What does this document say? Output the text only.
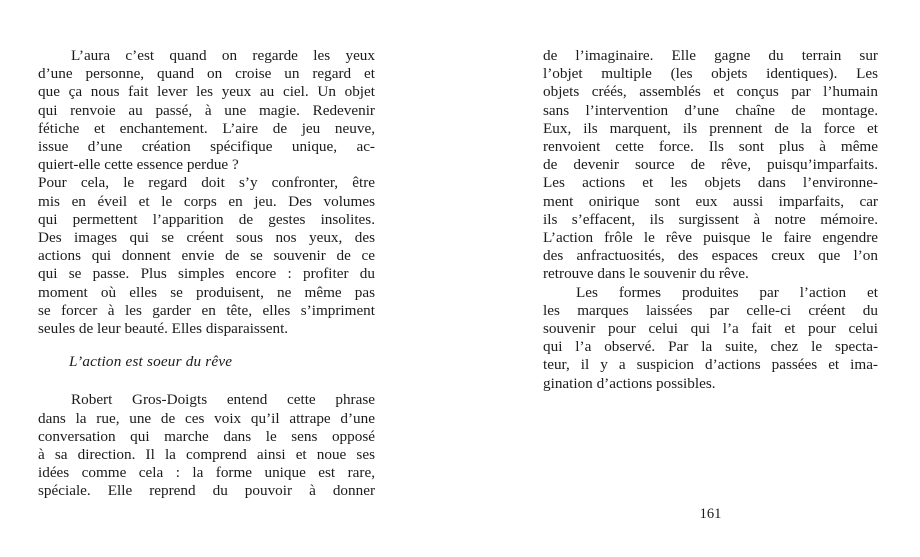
L’aura c’est quand on regarde les yeux
d’une personne, quand on croise un regard et
que ça nous fait lever les yeux au ciel. Un objet
qui renvoie au passé, à une magie. Redevenir
fétiche et enchantement. L’aire de jeu neuve,
issue d’une création spécifique unique, ac-
quiert-elle cette essence perdue ?
Pour cela, le regard doit s’y confronter, être
mis en éveil et le corps en jeu. Des volumes
qui permettent l’apparition de gestes insolites.
Des images qui se créent sous nos yeux, des
actions qui donnent envie de se souvenir de ce
qui se passe. Plus simples encore : profiter du
moment où elles se produisent, ne même pas
se forcer à les garder en tête, elles s’impriment
seules de leur beauté. Elles disparaissent.
L’action est soeur du rêve
Robert Gros-Doigts entend cette phrase
dans la rue, une de ces voix qu’il attrape d’une
conversation qui marche dans le sens opposé
à sa direction. Il la comprend ainsi et noue ses
idées comme cela : la forme unique est rare,
spéciale. Elle reprend du pouvoir à donner
de l’imaginaire. Elle gagne du terrain sur
l’objet multiple (les objets identiques). Les
objets créés, assemblés et conçus par l’humain
sans l’intervention d’une chaîne de montage.
Eux, ils marquent, ils prennent de la force et
renvoient cette force. Ils sont plus à même
de devenir source de rêve, puisqu’imparfaits.
Les actions et les objets dans l’environne-
ment onirique sont eux aussi imparfaits, car
ils s’effacent, ils surgissent à notre mémoire.
L’action frôle le rêve puisque le faire engendre
des anfractuosités, des espaces creux que l’on
retrouve dans le souvenir du rêve.
Les formes produites par l’action et
les marques laissées par celle-ci créent du
souvenir pour celui qui l’a fait et pour celui
qui l’a observé. Par la suite, chez le specta-
teur, il y a suspicion d’actions passées et ima-
gination d’actions possibles.
161
